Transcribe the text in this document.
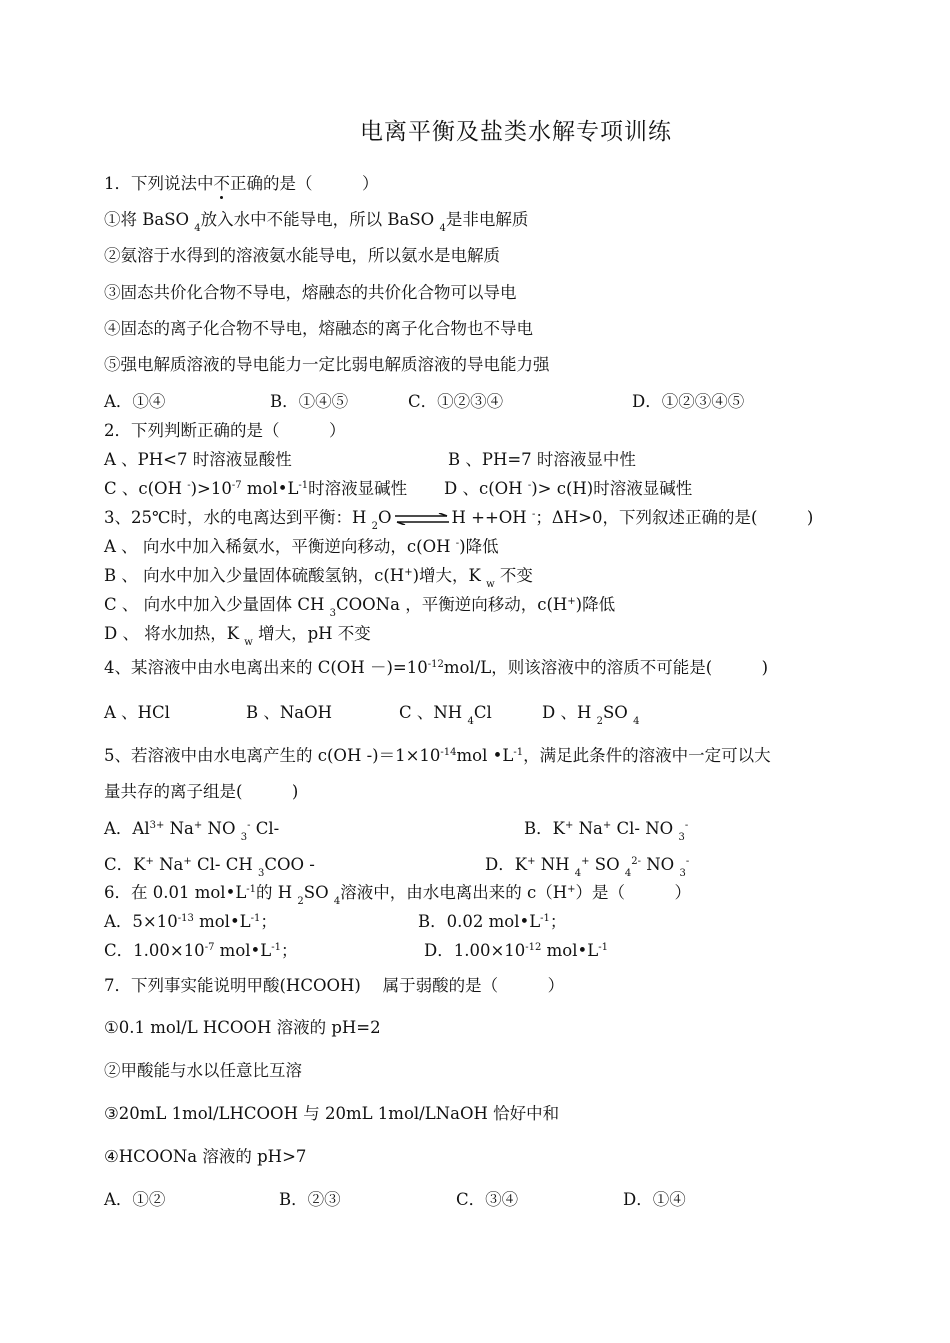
电离平衡及盐类水解专项训练
1．下列说法中不正确的是（　　　）
①将 BaSO $_4$放入水中不能导电，所以 BaSO $_4$是非电解质
②氨溶于水得到的溶液氨水能导电，所以氨水是电解质
③固态共价化合物不导电，熔融态的共价化合物可以导电
④固态的离子化合物不导电，熔融态的离子化合物也不导电
⑤强电解质溶液的导电能力一定比弱电解质溶液的导电能力强
A．①④	B．①④⑤	C．①②③④	D．①②③④⑤
2．下列判断正确的是（　　　）
A 、PH<7 时溶液显酸性	B 、PH=7 时溶液显中性
C 、c(OH $^-)>10^{-7}$ $mol•L^{-1}$时溶液显碱性 D 、c(OH -)> c(H)时溶液显碱性
3、25℃时，水的电离达到平衡：H $_2$O ⇌ H ++OH -；ΔH>0，下列叙述正确的是(　　　)
A 、 向水中加入稀氨水，平衡逆向移动，c(OH -)降低
B 、 向水中加入少量固体硫酸氢钠，c(H+)增大，K $_w$ 不变
C 、 向水中加入少量固体 CH $_3$COONa ，平衡逆向移动，c(H+)降低
D 、 将水加热，K $_w$ 增大，pH 不变
4、某溶液中由水电离出来的 $C(OH -)=10^{-12}mol/L$，则该溶液中的溶质不可能是(　　　)
A 、HCl	B 、NaOH	C 、NH $_4$Cl	D 、H $_2$SO $_4$
5、若溶液中由水电离产生的 c(OH $-)=1\times 10^{-14}mol$ $•L^{-1}$，满足此条件的溶液中一定可以大
量共存的离子组是(　　　)
A．$Al^{3+}$ Na+ NO $_3$- Cl-	B．K+ Na+ Cl- NO $_3$-
C．K+ Na+ Cl- CH $_3$COO -	D．K+ NH $_4$+ SO $_4^{2-}$ NO $_3$-
6．在 0.01 $mol•L^{-1}$的 H $_2$SO $_4$溶液中，由水电离出来的 c（H+）是（　　　）
A．$5\times 10^{-13}$ $mol•L^{-1}$；	B．0.02 $mol•L^{-1}$；
C．$1.00\times 10^{-7}$ $mol•L^{-1}$；	D．$1.00\times 10^{-12}$ $mol•L^{-1}$
7．下列事实能说明甲酸(HCOOH)　 属于弱酸的是（　　　）
①0.1 mol/L HCOOH 溶液的 pH=2
②甲酸能与水以任意比互溶
③20mL 1mol/LHCOOH 与 20mL 1mol/LNaOH 恰好中和
④HCOONa 溶液的 pH>7
A．①②	B．②③	C．③④	D．①④
